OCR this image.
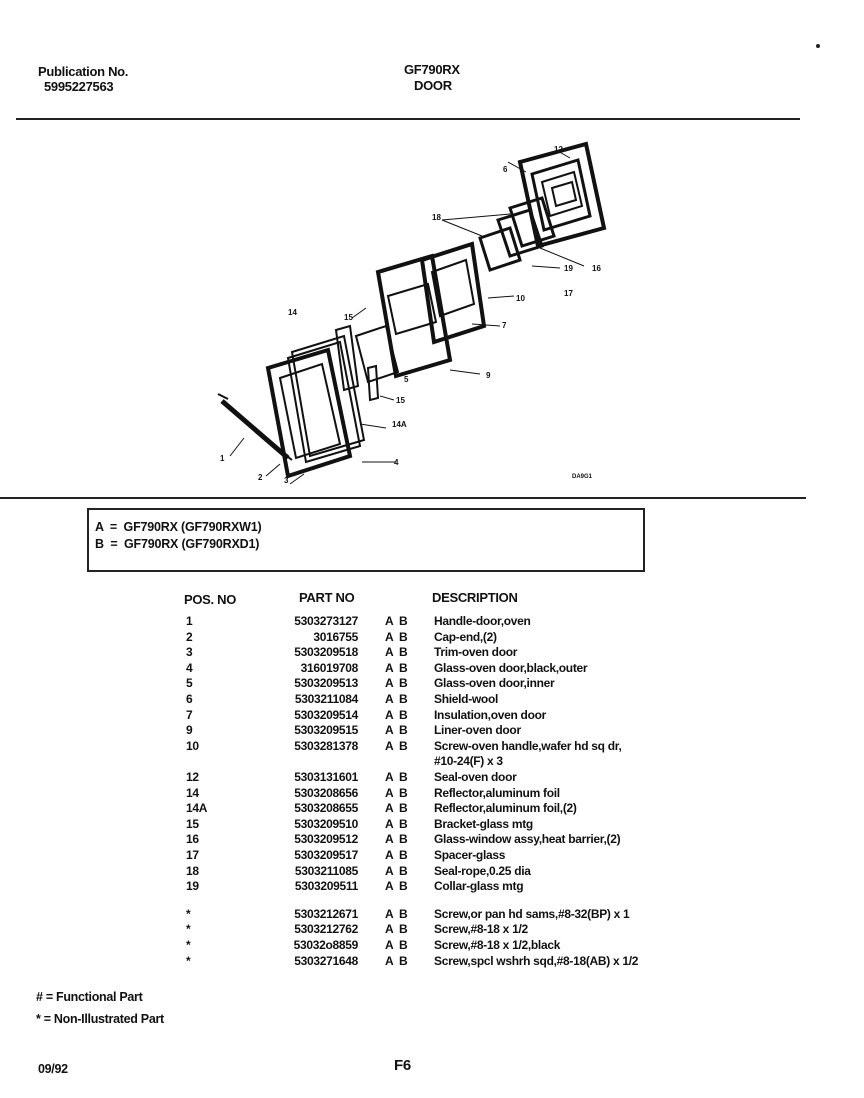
Publication No.
5995227563
GF790RX
DOOR
1
2	3
4
5
6
7
9
10
12
14
14A
15
15
16
17
18
19
DA9G1
A  =  GF790RX (GF790RXW1)
B  =  GF790RX (GF790RXD1)
POS. NO	PART NO	DESCRIPTION
1	5303273127 A  B Handle-door,oven
2	3016755 A  B Cap-end,(2)
3	5303209518 A  B Trim-oven door
4	316019708 A  B Glass-oven door,black,outer
5	5303209513 A  B Glass-oven door,inner
6	5303211084 A  B Shield-wool
7	5303209514 A  B Insulation,oven door
9	5303209515 A  B Liner-oven door
10	5303281378 A  B Screw-oven handle,wafer hd sq dr,
#10-24(F) x 3
12	5303131601 A  B Seal-oven door
14	5303208656 A  B Reflector,aluminum foil
14A	5303208655 A  B Reflector,aluminum foil,(2)
15	5303209510 A  B Bracket-glass mtg
16	5303209512 A  B Glass-window assy,heat barrier,(2)
17	5303209517 A  B Spacer-glass
18	5303211085 A  B Seal-rope,0.25 dia
19	5303209511 A  B Collar-glass mtg
*	5303212671 A  B Screw,or pan hd sams,#8-32(BP) x 1
*	5303212762 A  B Screw,#8-18 x 1/2
*	53032o8859 A  B Screw,#8-18 x 1/2,black
*	5303271648 A  B Screw,spcl wshrh sqd,#8-18(AB) x 1/2
# = Functional Part
* = Non-Illustrated Part
09/92	F6
